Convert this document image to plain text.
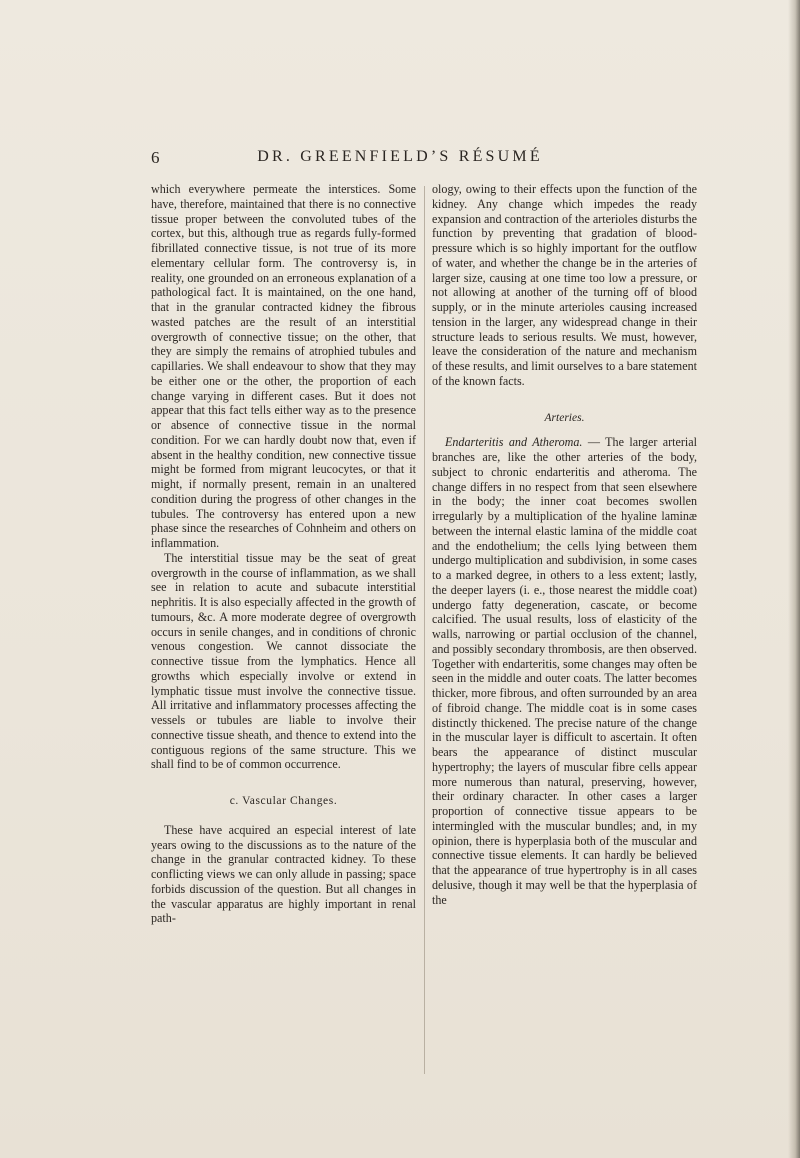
6	DR. GREENFIELD’S RÉSUMÉ

which everywhere permeate the interstices. Some have, therefore, maintained that there is no connective tissue proper between the convoluted tubes of the cortex, but this, although true as regards fully-formed fibrillated connective tissue, is not true of its more elementary cellular form. The controversy is, in reality, one grounded on an erroneous explanation of a pathological fact. It is maintained, on the one hand, that in the granular contracted kidney the fibrous wasted patches are the result of an interstitial overgrowth of connective tissue; on the other, that they are simply the remains of atrophied tubules and capillaries. We shall endeavour to show that they may be either one or the other, the proportion of each change varying in different cases. But it does not appear that this fact tells either way as to the presence or absence of connective tissue in the normal condition. For we can hardly doubt now that, even if absent in the healthy condition, new connective tissue might be formed from migrant leucocytes, or that it might, if normally present, remain in an unaltered condition during the progress of other changes in the tubules. The controversy has entered upon a new phase since the researches of Cohnheim and others on inflammation.

The interstitial tissue may be the seat of great overgrowth in the course of inflammation, as we shall see in relation to acute and subacute interstitial nephritis. It is also especially affected in the growth of tumours, &c. A more moderate degree of overgrowth occurs in senile changes, and in conditions of chronic venous congestion. We cannot dissociate the connective tissue from the lymphatics. Hence all growths which especially involve or extend in lymphatic tissue must involve the connective tissue. All irritative and inflammatory processes affecting the vessels or tubules are liable to involve their connective tissue sheath, and thence to extend into the contiguous regions of the same structure. This we shall find to be of common occurrence.

c. Vascular Changes.

These have acquired an especial interest of late years owing to the discussions as to the nature of the change in the granular contracted kidney. To these conflicting views we can only allude in passing; space forbids discussion of the question. But all changes in the vascular apparatus are highly important in renal path-

ology, owing to their effects upon the function of the kidney. Any change which impedes the ready expansion and contraction of the arterioles disturbs the function by preventing that gradation of blood-pressure which is so highly important for the outflow of water, and whether the change be in the arteries of larger size, causing at one time too low a pressure, or not allowing at another of the turning off of blood supply, or in the minute arterioles causing increased tension in the larger, any widespread change in their structure leads to serious results. We must, however, leave the consideration of the nature and mechanism of these results, and limit ourselves to a bare statement of the known facts.

Arteries.

Endarteritis and Atheroma. — The larger arterial branches are, like the other arteries of the body, subject to chronic endarteritis and atheroma. The change differs in no respect from that seen elsewhere in the body; the inner coat becomes swollen irregularly by a multiplication of the hyaline laminæ between the internal elastic lamina of the middle coat and the endothelium; the cells lying between them undergo multiplication and subdivision, in some cases to a marked degree, in others to a less extent; lastly, the deeper layers (i. e., those nearest the middle coat) undergo fatty degeneration, cascate, or become calcified. The usual results, loss of elasticity of the walls, narrowing or partial occlusion of the channel, and possibly secondary thrombosis, are then observed. Together with endarteritis, some changes may often be seen in the middle and outer coats. The latter becomes thicker, more fibrous, and often surrounded by an area of fibroid change. The middle coat is in some cases distinctly thickened. The precise nature of the change in the muscular layer is difficult to ascertain. It often bears the appearance of distinct muscular hypertrophy; the layers of muscular fibre cells appear more numerous than natural, preserving, however, their ordinary character. In other cases a larger proportion of connective tissue appears to be intermingled with the muscular bundles; and, in my opinion, there is hyperplasia both of the muscular and connective tissue elements. It can hardly be believed that the appearance of true hypertrophy is in all cases delusive, though it may well be that the hyperplasia of the
